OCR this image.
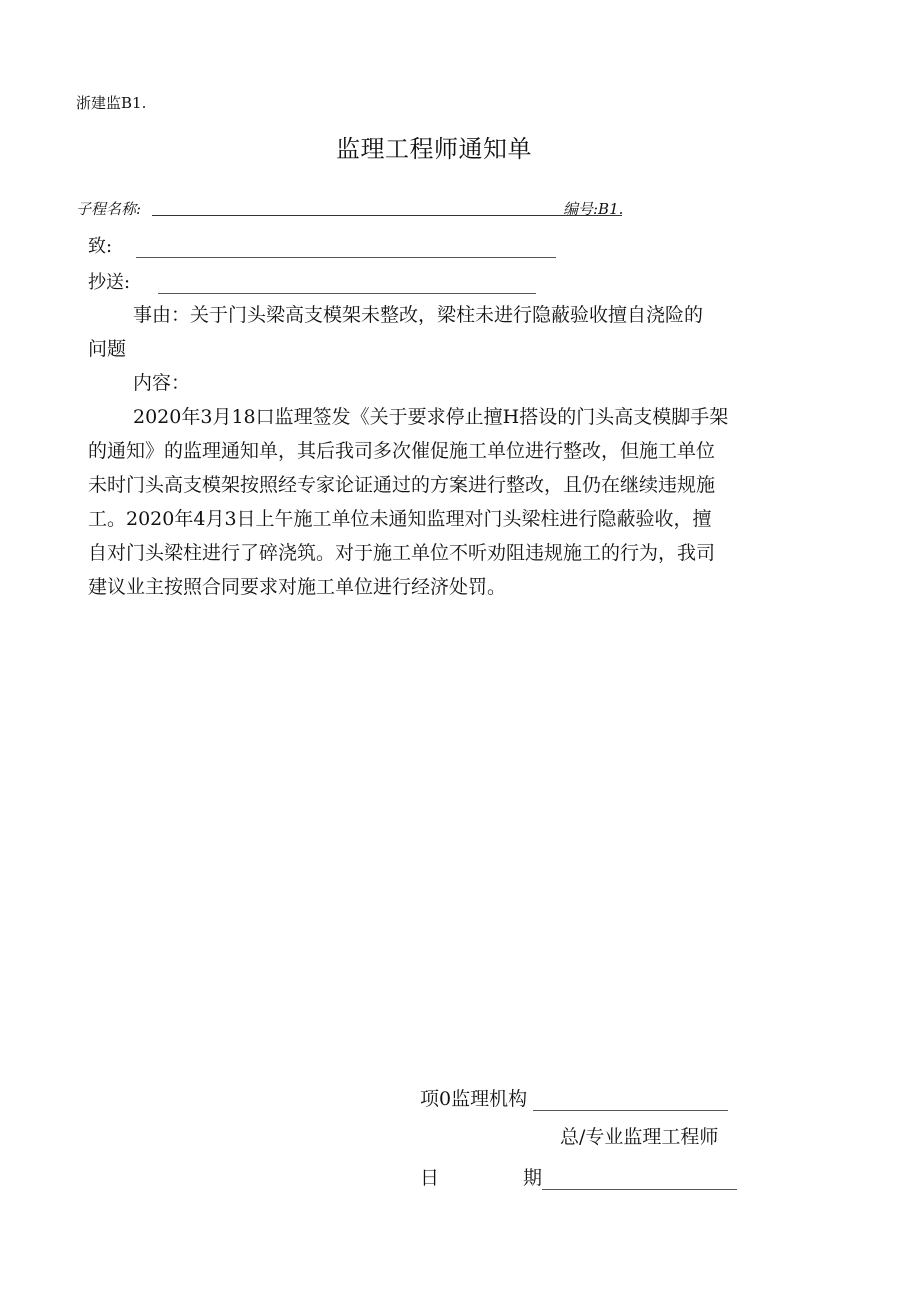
浙建监B1.
监理工程师通知单
子程名称:	编号:B1.
致:
抄送:
事由：关于门头梁高支模架未整改，梁柱未进行隐蔽验收擅自浇险的
问题
内容：
2020年3月18口监理签发《关于要求停止擅H搭设的门头高支模脚手架
的通知》的监理通知单，其后我司多次催促施工单位进行整改，但施工单位
未时门头高支模架按照经专家论证通过的方案进行整改，且仍在继续违规施
工。2020年4月3日上午施工单位未通知监理对门头梁柱进行隐蔽验收，擅
自对门头梁柱进行了碎浇筑。对于施工单位不听劝阻违规施工的行为，我司
建议业主按照合同要求对施工单位进行经济处罚。
项0监理机构
总/专业监理工程师
日	期
